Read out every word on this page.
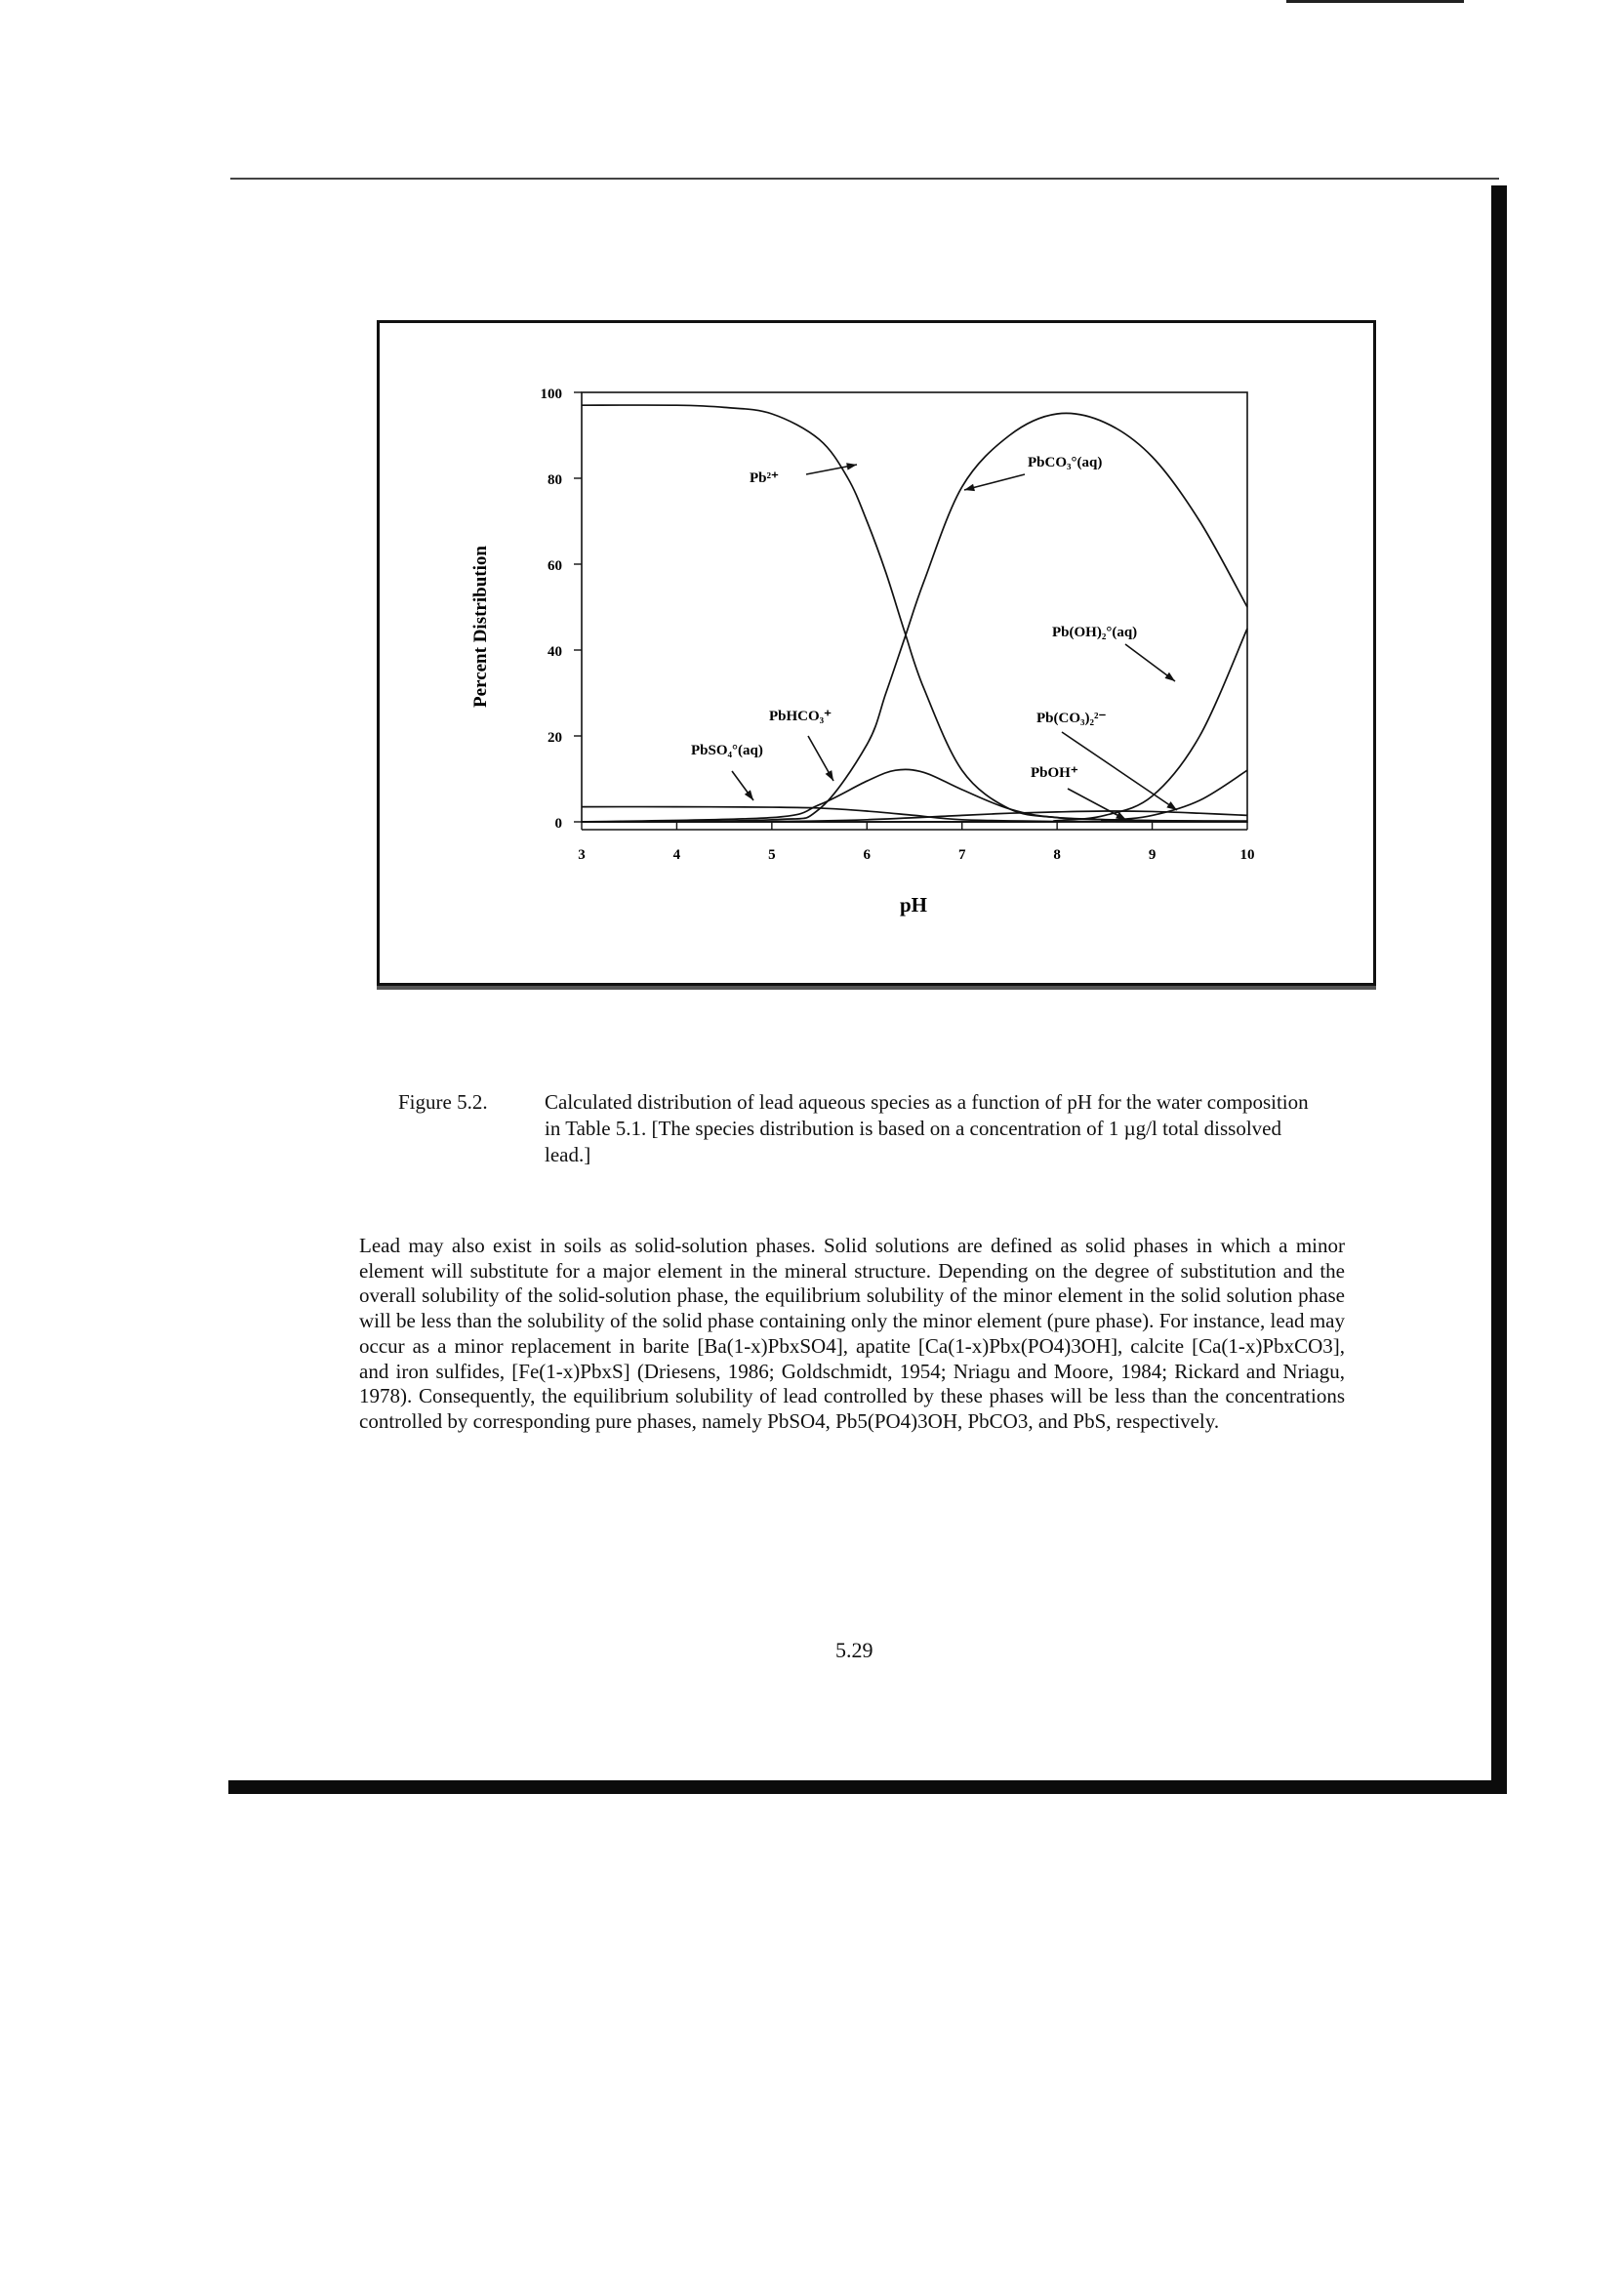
0
20
40
60
80
100
3	4	5	6	7	8	9	10
Pb²⁺
PbCO₃°(aq)
Pb(OH)₂°(aq)
Pb(CO₃)₂²⁻
PbHCO₃⁺
PbSO₄°(aq)
PbOH⁺
Percent Distribution
pH
Figure 5.2.	Calculated distribution of lead aqueous species as a function of pH for the water composition in Table 5.1. [The species distribution is based on a concentration of 1 µg/l total dissolved lead.]
Lead may also exist in soils as solid-solution phases. Solid solutions are defined as solid phases in which a minor element will substitute for a major element in the mineral structure. Depending on the degree of substitution and the overall solubility of the solid-solution phase, the equilibrium solubility of the minor element in the solid solution phase will be less than the solubility of the solid phase containing only the minor element (pure phase). For instance, lead may occur as a minor replacement in barite [Ba(1-x)PbxSO4], apatite [Ca(1-x)Pbx(PO4)3OH], calcite [Ca(1-x)PbxCO3], and iron sulfides, [Fe(1-x)PbxS] (Driesens, 1986; Goldschmidt, 1954; Nriagu and Moore, 1984; Rickard and Nriagu, 1978). Consequently, the equilibrium solubility of lead controlled by these phases will be less than the concentrations controlled by corresponding pure phases, namely PbSO4, Pb5(PO4)3OH, PbCO3, and PbS, respectively.
5.29
